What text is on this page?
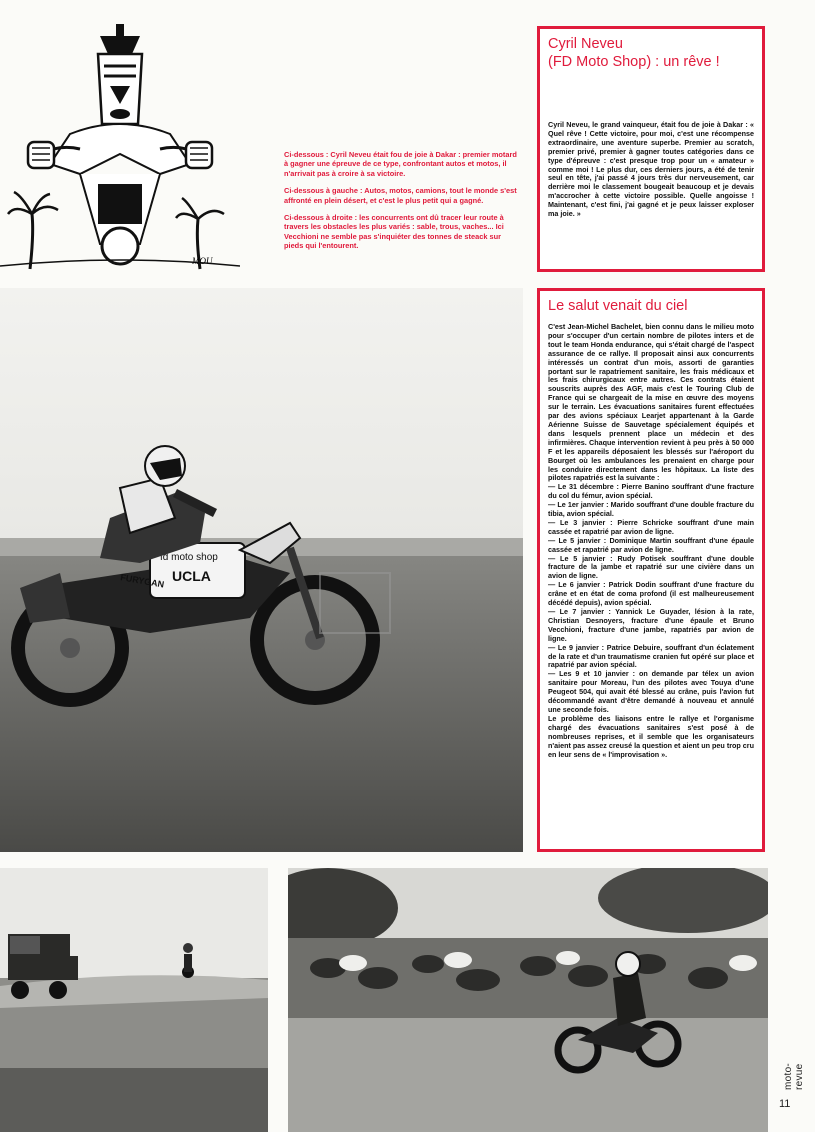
MOU

Ci-dessous : Cyril Neveu était fou de joie à Dakar : premier motard à gagner une épreuve de ce type, confrontant autos et motos, il n'arrivait pas à croire à sa victoire.

Ci-dessous à gauche : Autos, motos, camions, tout le monde s'est affronté en plein désert, et c'est le plus petit qui a gagné.

Ci-dessous à droite : les concurrents ont dû tracer leur route à travers les obstacles les plus variés : sable, trous, vaches... Ici Vecchioni ne semble pas s'inquiéter des tonnes de steack sur pieds qui l'entourent.

Cyril Neveu
(FD Moto Shop) : un rêve !

Cyril Neveu, le grand vainqueur, était fou de joie à Dakar : « Quel rêve ! Cette victoire, pour moi, c'est une récompense extraordinaire, une aventure superbe. Premier au scratch, premier privé, premier à gagner toutes catégories dans ce type d'épreuve : c'est presque trop pour un « amateur » comme moi ! Le plus dur, ces derniers jours, a été de tenir seul en tête, j'ai passé 4 jours très dur nerveusement, car derrière moi le classement bougeait beaucoup et je devais m'accrocher à cette victoire possible. Quelle angoisse ! Maintenant, c'est fini, j'ai gagné et je peux laisser exploser ma joie. »

Le salut venait du ciel

C'est Jean-Michel Bachelet, bien connu dans le milieu moto pour s'occuper d'un certain nombre de pilotes inters et de tout le team Honda endurance, qui s'était chargé de l'aspect assurance de ce rallye. Il proposait ainsi aux concurrents intéressés un contrat d'un mois, assorti de garanties portant sur le rapatriement sanitaire, les frais médicaux et les frais chirurgicaux entre autres. Ces contrats étaient souscrits auprès des AGF, mais c'est le Touring Club de France qui se chargeait de la mise en œuvre des moyens sur le terrain. Les évacuations sanitaires furent effectuées par des avions spéciaux Learjet appartenant à la Garde Aérienne Suisse de Sauvetage spécialement équipés et dans lesquels prennent place un médecin et des infirmières. Chaque intervention revient à peu près à 50 000 F et les appareils déposaient les blessés sur l'aéroport du Bourget où les ambulances les prenaient en charge pour les conduire directement dans les hôpitaux. La liste des pilotes rapatriés est la suivante :

— Le 31 décembre : Pierre Banino souffrant d'une fracture du col du fémur, avion spécial.

— Le 1er janvier : Marido souffrant d'une double fracture du tibia, avion spécial.

— Le 3 janvier : Pierre Schricke souffrant d'une main cassée et rapatrié par avion de ligne.

— Le 5 janvier : Dominique Martin souffrant d'une épaule cassée et rapatrié par avion de ligne.

— Le 5 janvier : Rudy Potisek souffrant d'une double fracture de la jambe et rapatrié sur une civière dans un avion de ligne.

— Le 6 janvier : Patrick Dodin souffrant d'une fracture du crâne et en état de coma profond (il est malheureusement décédé depuis), avion spécial.

— Le 7 janvier : Yannick Le Guyader, lésion à la rate, Christian Desnoyers, fracture d'une épaule et Bruno Vecchioni, fracture d'une jambe, rapatriés par avion de ligne.

— Le 9 janvier : Patrice Debuire, souffrant d'un éclatement de la rate et d'un traumatisme cranien fut opéré sur place et rapatrié par avion spécial.

— Les 9 et 10 janvier : on demande par télex un avion sanitaire pour Moreau, l'un des pilotes avec Touya d'une Peugeot 504, qui avait été blessé au crâne, puis l'avion fut décommandé avant d'être demandé à nouveau et annulé une seconde fois.

Le problème des liaisons entre le rallye et l'organisme chargé des évacuations sanitaires s'est posé à de nombreuses reprises, et il semble que les organisateurs n'aient pas assez creusé la question et aient un peu trop cru en leur sens de « l'improvisation ».

fd moto shop
UCLA
FURYGAN
moto-revue
11
